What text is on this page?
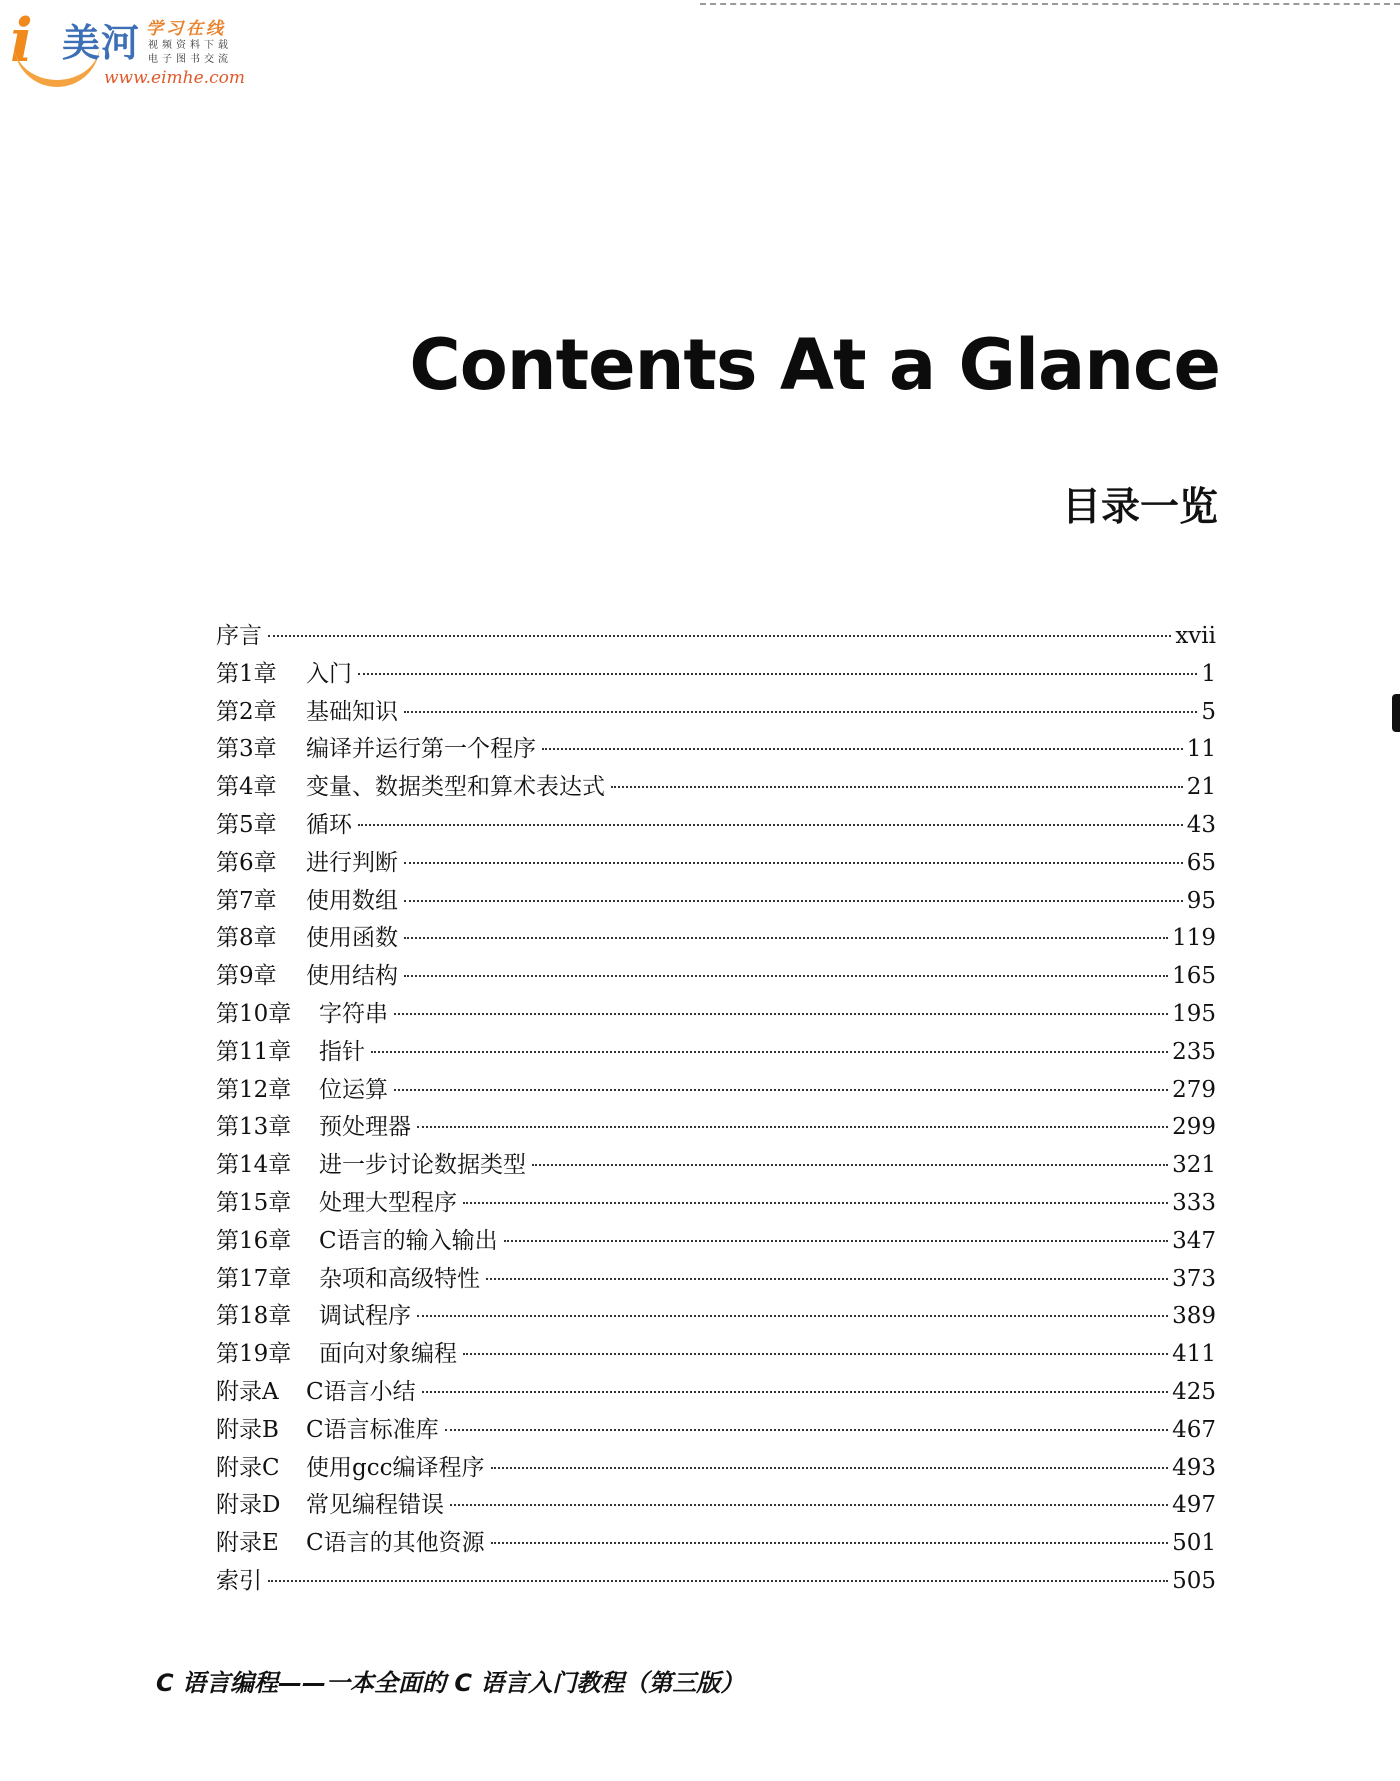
i 美河 学习在线
视频资料下载
电子图书交流
www.eimhe.com
Contents At a Glance
目录一览
序言	xvii
第1章	入门	1
第2章	基础知识	5
第3章	编译并运行第一个程序	11
第4章	变量、数据类型和算术表达式	21
第5章	循环	43
第6章	进行判断	65
第7章	使用数组	95
第8章	使用函数	119
第9章	使用结构	165
第10章	字符串	195
第11章	指针	235
第12章	位运算	279
第13章	预处理器	299
第14章	进一步讨论数据类型	321
第15章	处理大型程序	333
第16章	C语言的输入输出	347
第17章	杂项和高级特性	373
第18章	调试程序	389
第19章	面向对象编程	411
附录A	C语言小结	425
附录B	C语言标准库	467
附录C	使用gcc编译程序	493
附录D	常见编程错误	497
附录E	C语言的其他资源	501
索引	505

C 语言编程——一本全面的 C 语言入门教程（第三版）
